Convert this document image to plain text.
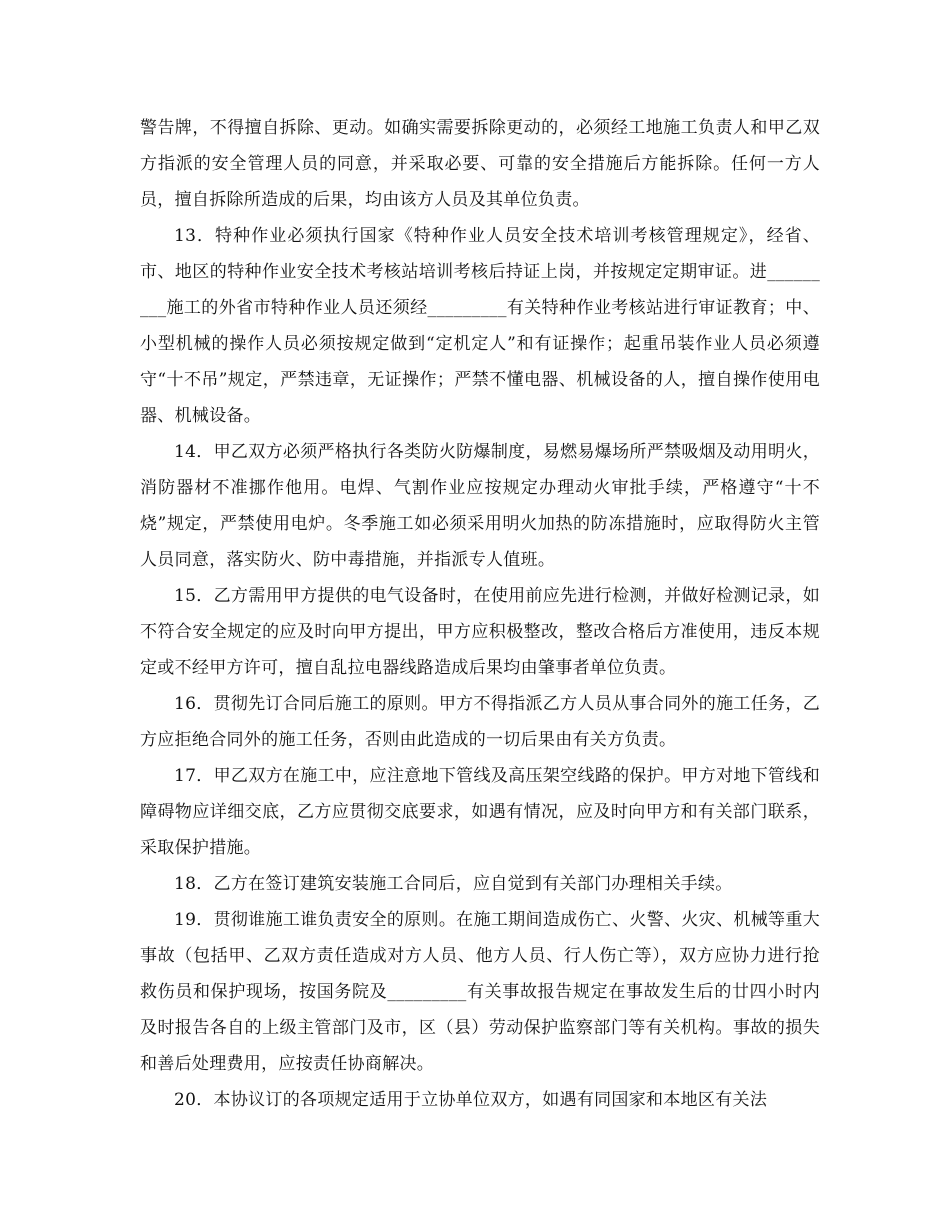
警告牌，不得擅自拆除、更动。如确实需要拆除更动的，必须经工地施工负责人和甲乙双方指派的安全管理人员的同意，并采取必要、可靠的安全措施后方能拆除。任何一方人员，擅自拆除所造成的后果，均由该方人员及其单位负责。

13．特种作业必须执行国家《特种作业人员安全技术培训考核管理规定》，经省、市、地区的特种作业安全技术考核站培训考核后持证上岗，并按规定定期审证。进_________施工的外省市特种作业人员还须经_________有关特种作业考核站进行审证教育；中、小型机械的操作人员必须按规定做到“定机定人”和有证操作；起重吊装作业人员必须遵守“十不吊”规定，严禁违章，无证操作；严禁不懂电器、机械设备的人，擅自操作使用电器、机械设备。

14．甲乙双方必须严格执行各类防火防爆制度，易燃易爆场所严禁吸烟及动用明火，消防器材不准挪作他用。电焊、气割作业应按规定办理动火审批手续，严格遵守“十不烧”规定，严禁使用电炉。冬季施工如必须采用明火加热的防冻措施时，应取得防火主管人员同意，落实防火、防中毒措施，并指派专人值班。

15．乙方需用甲方提供的电气设备时，在使用前应先进行检测，并做好检测记录，如不符合安全规定的应及时向甲方提出，甲方应积极整改，整改合格后方准使用，违反本规定或不经甲方许可，擅自乱拉电器线路造成后果均由肇事者单位负责。

16．贯彻先订合同后施工的原则。甲方不得指派乙方人员从事合同外的施工任务，乙方应拒绝合同外的施工任务，否则由此造成的一切后果由有关方负责。

17．甲乙双方在施工中，应注意地下管线及高压架空线路的保护。甲方对地下管线和障碍物应详细交底，乙方应贯彻交底要求，如遇有情况，应及时向甲方和有关部门联系，采取保护措施。

18．乙方在签订建筑安装施工合同后，应自觉到有关部门办理相关手续。

19．贯彻谁施工谁负责安全的原则。在施工期间造成伤亡、火警、火灾、机械等重大事故（包括甲、乙双方责任造成对方人员、他方人员、行人伤亡等），双方应协力进行抢救伤员和保护现场，按国务院及_________有关事故报告规定在事故发生后的廿四小时内及时报告各自的上级主管部门及市，区（县）劳动保护监察部门等有关机构。事故的损失和善后处理费用，应按责任协商解决。

20．本协议订的各项规定适用于立协单位双方，如遇有同国家和本地区有关法
